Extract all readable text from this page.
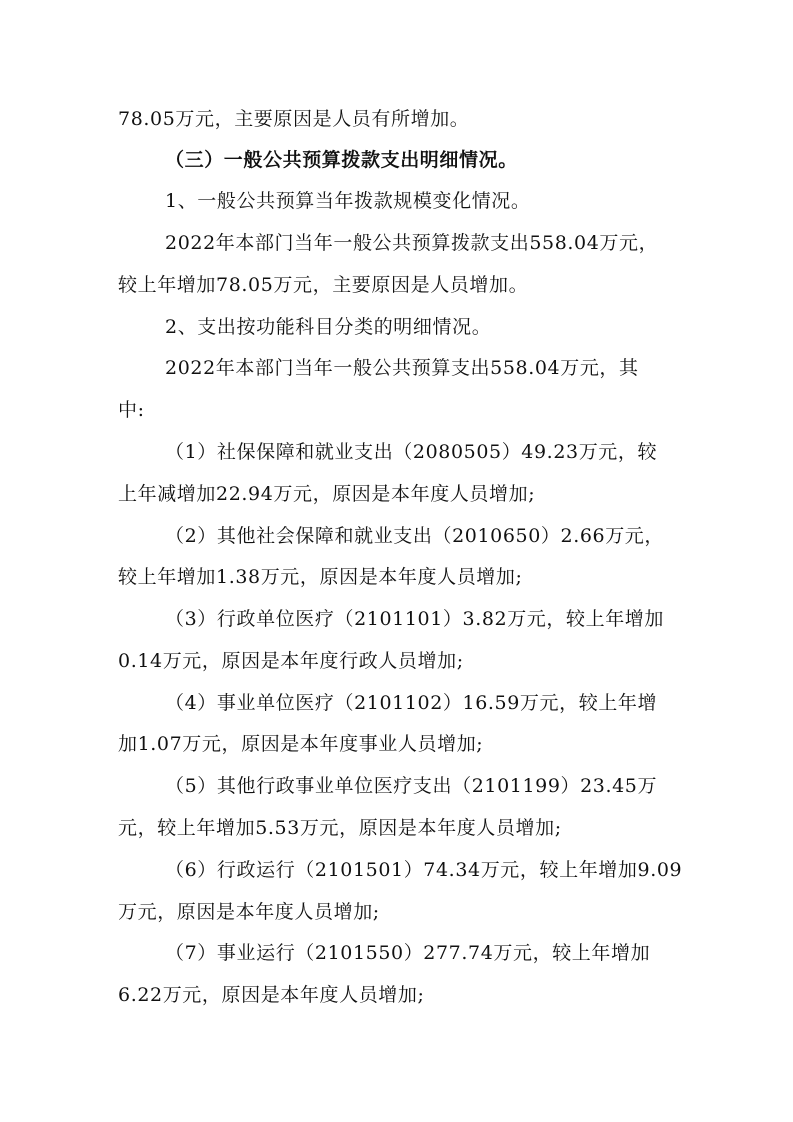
78.05万元，主要原因是人员有所增加。
（三）一般公共预算拨款支出明细情况。
1、一般公共预算当年拨款规模变化情况。
2022年本部门当年一般公共预算拨款支出558.04万元，
较上年增加78.05万元，主要原因是人员增加。
2、支出按功能科目分类的明细情况。
2022年本部门当年一般公共预算支出558.04万元，其
中:
（1）社保保障和就业支出（2080505）49.23万元，较
上年减增加22.94万元，原因是本年度人员增加;
（2）其他社会保障和就业支出（2010650）2.66万元，
较上年增加1.38万元，原因是本年度人员增加;
（3）行政单位医疗（2101101）3.82万元，较上年增加
0.14万元，原因是本年度行政人员增加;
（4）事业单位医疗（2101102）16.59万元，较上年增
加1.07万元，原因是本年度事业人员增加;
（5）其他行政事业单位医疗支出（2101199）23.45万
元，较上年增加5.53万元，原因是本年度人员增加;
（6）行政运行（2101501）74.34万元，较上年增加9.09
万元，原因是本年度人员增加;
（7）事业运行（2101550）277.74万元，较上年增加
6.22万元，原因是本年度人员增加;
